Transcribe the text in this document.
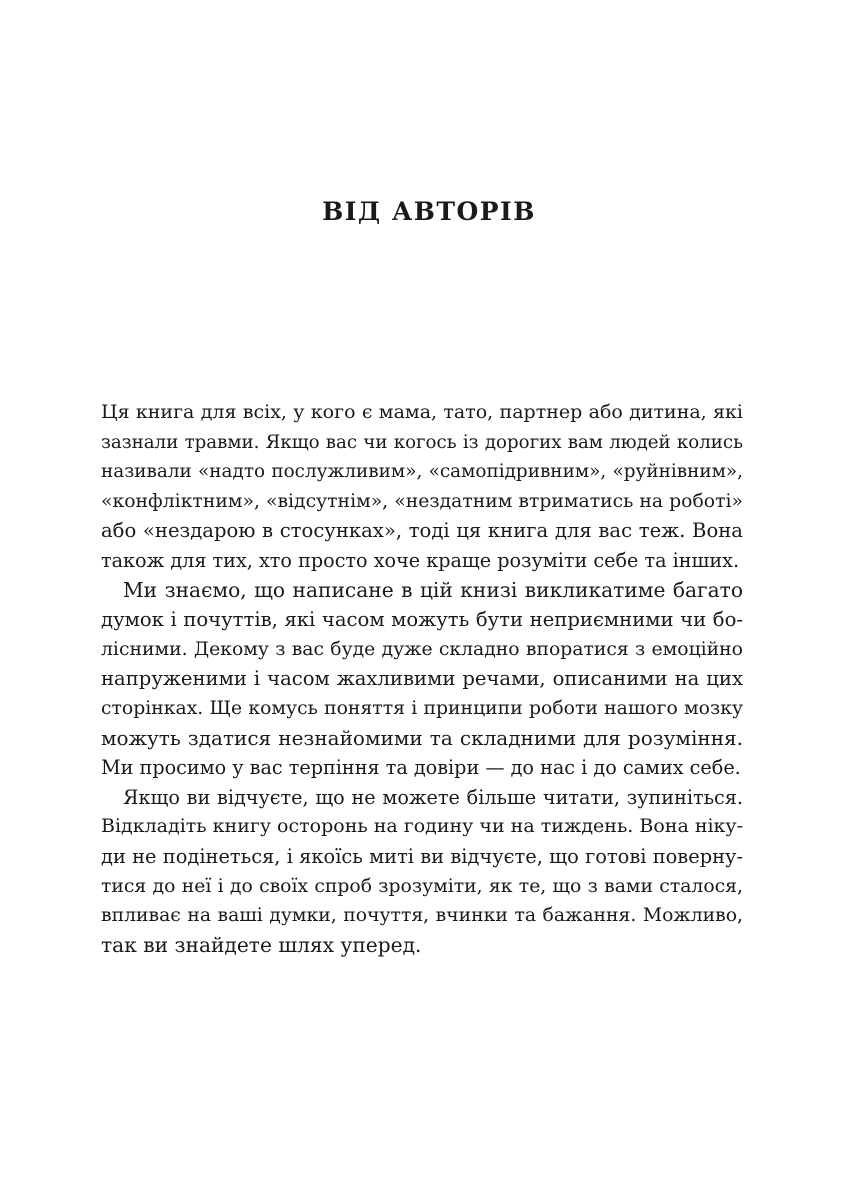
ВІД АВТОРІВ
Ця книга для всіх, у кого є мама, тато, партнер або дитина, які
зазнали травми. Якщо вас чи когось із дорогих вам людей колись
називали «надто послужливим», «самопідривним», «руйнівним»,
«конфліктним», «відсутнім», «нездатним втриматись на роботі»
або «нездарою в стосунках», тоді ця книга для вас теж. Вона
також для тих, хто просто хоче краще розуміти себе та інших.
Ми знаємо, що написане в цій книзі викликатиме багато
думок і почуттів, які часом можуть бути неприємними чи бо-
лісними. Декому з вас буде дуже складно впоратися з емоційно
напруженими і часом жахливими речами, описаними на цих
сторінках. Ще комусь поняття і принципи роботи нашого мозку
можуть здатися незнайомими та складними для розуміння.
Ми просимо у вас терпіння та довіри — до нас і до самих себе.
Якщо ви відчуєте, що не можете більше читати, зупиніться.
Відкладіть книгу осторонь на годину чи на тиждень. Вона ніку-
ди не подінеться, і якоїсь миті ви відчуєте, що готові поверну-
тися до неї і до своїх спроб зрозуміти, як те, що з вами сталося,
впливає на ваші думки, почуття, вчинки та бажання. Можливо,
так ви знайдете шлях уперед.
